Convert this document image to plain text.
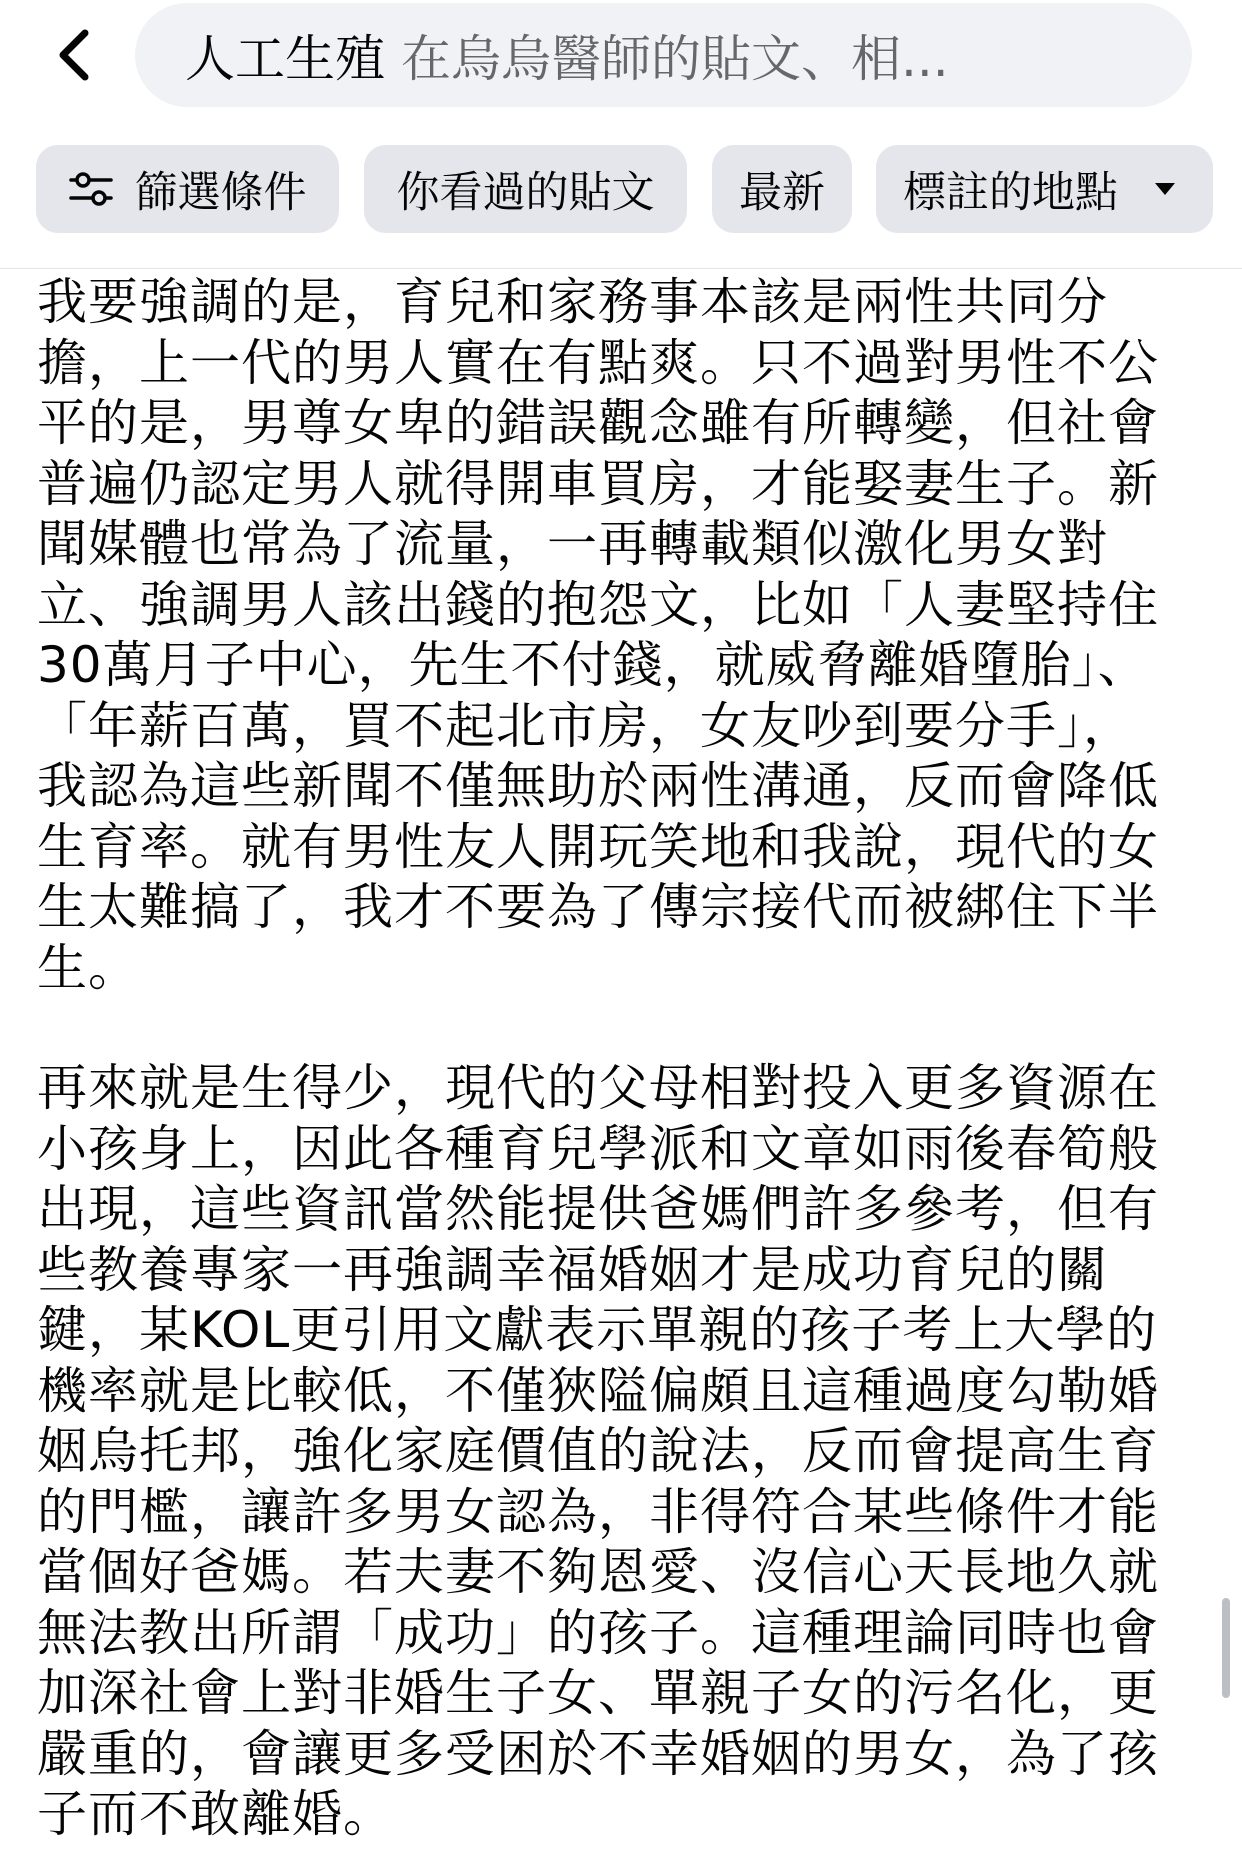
人工生殖 在烏烏醫師的貼文、相...
篩選條件 你看過的貼文 最新 標註的地點

我要強調的是，育兒和家務事本該是兩性共同分
擔，上一代的男人實在有點爽。只不過對男性不公
平的是，男尊女卑的錯誤觀念雖有所轉變，但社會
普遍仍認定男人就得開車買房，才能娶妻生子。新
聞媒體也常為了流量，一再轉載類似激化男女對
立、強調男人該出錢的抱怨文，比如「人妻堅持住
30萬月子中心，先生不付錢，就威脅離婚墮胎」、
「年薪百萬，買不起北市房，女友吵到要分手」，
我認為這些新聞不僅無助於兩性溝通，反而會降低
生育率。就有男性友人開玩笑地和我說，現代的女
生太難搞了，我才不要為了傳宗接代而被綁住下半
生。

再來就是生得少，現代的父母相對投入更多資源在
小孩身上，因此各種育兒學派和文章如雨後春筍般
出現，這些資訊當然能提供爸媽們許多參考，但有
些教養專家一再強調幸福婚姻才是成功育兒的關
鍵，某KOL更引用文獻表示單親的孩子考上大學的
機率就是比較低，不僅狹隘偏頗且這種過度勾勒婚
姻烏托邦，強化家庭價值的說法，反而會提高生育
的門檻，讓許多男女認為，非得符合某些條件才能
當個好爸媽。若夫妻不夠恩愛、沒信心天長地久就
無法教出所謂「成功」的孩子。這種理論同時也會
加深社會上對非婚生子女、單親子女的污名化，更
嚴重的，會讓更多受困於不幸婚姻的男女，為了孩
子而不敢離婚。
